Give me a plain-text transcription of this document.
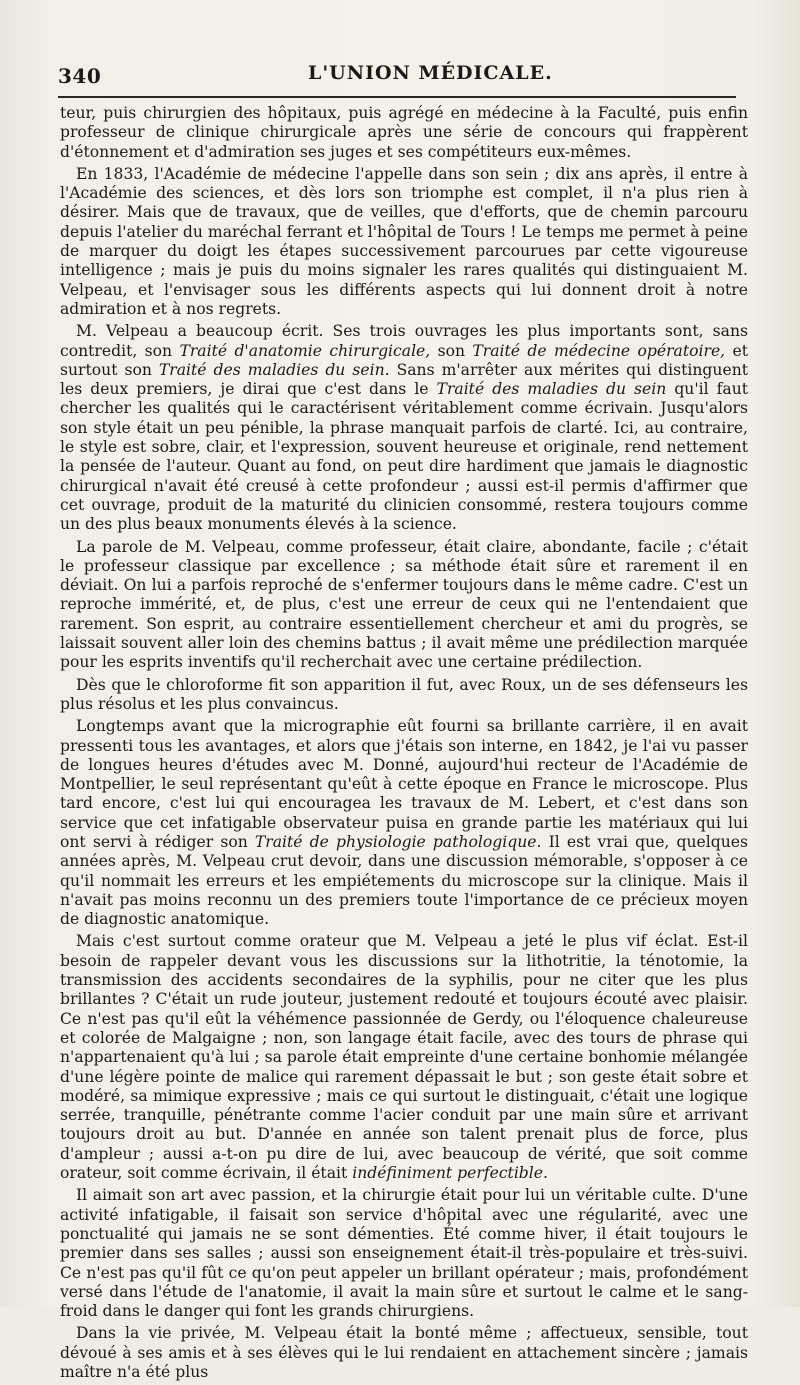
340	L'UNION MÉDICALE.

teur, puis chirurgien des hôpitaux, puis agrégé en médecine à la Faculté, puis enfin professeur de clinique chirurgicale après une série de concours qui frappèrent d'étonnement et d'admiration ses juges et ses compétiteurs eux-mêmes.

En 1833, l'Académie de médecine l'appelle dans son sein ; dix ans après, il entre à l'Académie des sciences, et dès lors son triomphe est complet, il n'a plus rien à désirer. Mais que de travaux, que de veilles, que d'efforts, que de chemin parcouru depuis l'atelier du maréchal ferrant et l'hôpital de Tours ! Le temps me permet à peine de marquer du doigt les étapes successivement parcourues par cette vigoureuse intelligence ; mais je puis du moins signaler les rares qualités qui distinguaient M. Velpeau, et l'envisager sous les différents aspects qui lui donnent droit à notre admiration et à nos regrets.

M. Velpeau a beaucoup écrit. Ses trois ouvrages les plus importants sont, sans contredit, son Traité d'anatomie chirurgicale, son Traité de médecine opératoire, et surtout son Traité des maladies du sein. Sans m'arrêter aux mérites qui distinguent les deux premiers, je dirai que c'est dans le Traité des maladies du sein qu'il faut chercher les qualités qui le caractérisent véritablement comme écrivain. Jusqu'alors son style était un peu pénible, la phrase manquait parfois de clarté. Ici, au contraire, le style est sobre, clair, et l'expression, souvent heureuse et originale, rend nettement la pensée de l'auteur. Quant au fond, on peut dire hardiment que jamais le diagnostic chirurgical n'avait été creusé à cette profondeur ; aussi est-il permis d'affirmer que cet ouvrage, produit de la maturité du clinicien consommé, restera toujours comme un des plus beaux monuments élevés à la science.

La parole de M. Velpeau, comme professeur, était claire, abondante, facile ; c'était le professeur classique par excellence ; sa méthode était sûre et rarement il en déviait. On lui a parfois reproché de s'enfermer toujours dans le même cadre. C'est un reproche immérité, et, de plus, c'est une erreur de ceux qui ne l'entendaient que rarement. Son esprit, au contraire essentiellement chercheur et ami du progrès, se laissait souvent aller loin des chemins battus ; il avait même une prédilection marquée pour les esprits inventifs qu'il recherchait avec une certaine prédilection.

Dès que le chloroforme fit son apparition il fut, avec Roux, un de ses défenseurs les plus résolus et les plus convaincus.

Longtemps avant que la micrographie eût fourni sa brillante carrière, il en avait pressenti tous les avantages, et alors que j'étais son interne, en 1842, je l'ai vu passer de longues heures d'études avec M. Donné, aujourd'hui recteur de l'Académie de Montpellier, le seul représentant qu'eût à cette époque en France le microscope. Plus tard encore, c'est lui qui encouragea les travaux de M. Lebert, et c'est dans son service que cet infatigable observateur puisa en grande partie les matériaux qui lui ont servi à rédiger son Traité de physiologie pathologique. Il est vrai que, quelques années après, M. Velpeau crut devoir, dans une discussion mémorable, s'opposer à ce qu'il nommait les erreurs et les empiétements du microscope sur la clinique. Mais il n'avait pas moins reconnu un des premiers toute l'importance de ce précieux moyen de diagnostic anatomique.

Mais c'est surtout comme orateur que M. Velpeau a jeté le plus vif éclat. Est-il besoin de rappeler devant vous les discussions sur la lithotritie, la ténotomie, la transmission des accidents secondaires de la syphilis, pour ne citer que les plus brillantes ? C'était un rude jouteur, justement redouté et toujours écouté avec plaisir. Ce n'est pas qu'il eût la véhémence passionnée de Gerdy, ou l'éloquence chaleureuse et colorée de Malgaigne ; non, son langage était facile, avec des tours de phrase qui n'appartenaient qu'à lui ; sa parole était empreinte d'une certaine bonhomie mélangée d'une légère pointe de malice qui rarement dépassait le but ; son geste était sobre et modéré, sa mimique expressive ; mais ce qui surtout le distinguait, c'était une logique serrée, tranquille, pénétrante comme l'acier conduit par une main sûre et arrivant toujours droit au but. D'année en année son talent prenait plus de force, plus d'ampleur ; aussi a-t-on pu dire de lui, avec beaucoup de vérité, que soit comme orateur, soit comme écrivain, il était indéfiniment perfectible.

Il aimait son art avec passion, et la chirurgie était pour lui un véritable culte. D'une activité infatigable, il faisait son service d'hôpital avec une régularité, avec une ponctualité qui jamais ne se sont démenties. Été comme hiver, il était toujours le premier dans ses salles ; aussi son enseignement était-il très-populaire et très-suivi. Ce n'est pas qu'il fût ce qu'on peut appeler un brillant opérateur ; mais, profondément versé dans l'étude de l'anatomie, il avait la main sûre et surtout le calme et le sang-froid dans le danger qui font les grands chirurgiens.

Dans la vie privée, M. Velpeau était la bonté même ; affectueux, sensible, tout dévoué à ses amis et à ses élèves qui le lui rendaient en attachement sincère ; jamais maître n'a été plus
